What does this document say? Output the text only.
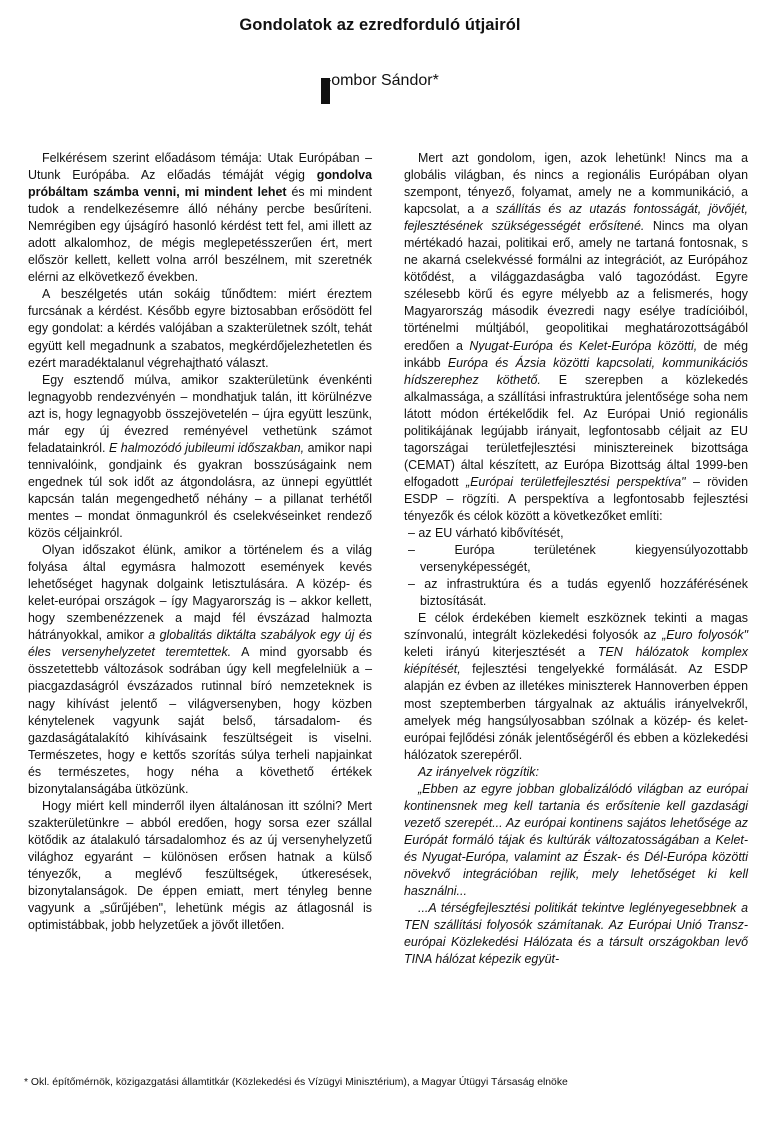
Gondolatok az ezredforduló útjairól
Tombor Sándor*

Felkérésem szerint előadásom témája: Utak Európában – Utunk Európába. Az előadás témáját végig gondolva próbáltam számba venni, mi mindent lehet és mi mindent tudok a rendelkezésemre álló néhány percbe besűríteni. Nemrégiben egy újságíró hasonló kérdést tett fel, ami illett az adott alkalomhoz, de mégis meglepetésszerűen ért, mert először kellett, kellett volna arról beszélnem, mit szeretnék elérni az elkövetkező években.

A beszélgetés után sokáig tűnődtem: miért éreztem furcsának a kérdést. Később egyre biztosabban erősödött fel egy gondolat: a kérdés valójában a szakterületnek szólt, tehát együtt kell megadnunk a szabatos, megkérdőjelezhetetlen és ezért maradéktalanul végrehajtható választ.

Egy esztendő múlva, amikor szakterületünk évenkénti legnagyobb rendezvényén – mondhatjuk talán, itt körülnézve azt is, hogy legnagyobb összejövetelén – újra együtt leszünk, már egy új évezred reményével vethetünk számot feladatainkról. E halmozódó jubileumi időszakban, amikor napi tennivalóink, gondjaink és gyakran bosszúságaink nem engednek túl sok időt az átgondolásra, az ünnepi együttlét kapcsán talán megengedhető néhány – a pillanat terhétől mentes – mondat önmagunkról és cselekvéseinket rendező közös céljainkról.

Olyan időszakot élünk, amikor a történelem és a világ folyása által egymásra halmozott események kevés lehetőséget hagynak dolgaink letisztulására. A közép- és kelet-európai országok – így Magyarország is – akkor kellett, hogy szembenézzenek a majd fél évszázad halmozta hátrányokkal, amikor a globalitás diktálta szabályok egy új és éles versenyhelyzetet teremtettek. A mind gyorsabb és összetettebb változások sodrában úgy kell megfelelniük a – piacgazdaságról évszázados rutinnal bíró nemzeteknek is nagy kihívást jelentő – világversenyben, hogy közben kénytelenek vagyunk saját belső, társadalom- és gazdaságátalakító kihívásaink feszültségeit is viselni. Természetes, hogy e kettős szorítás súlya terheli napjainkat és természetes, hogy néha a követhető értékek bizonytalanságába ütközünk.

Hogy miért kell minderről ilyen általánosan itt szólni? Mert szakterületünkre – abból eredően, hogy sorsa ezer szállal kötődik az átalakuló társadalomhoz és az új versenyhelyzetű világhoz egyaránt – különösen erősen hatnak a külső tényezők, a meglévő feszültségek, útkeresések, bizonytalanságok. De éppen emiatt, mert tényleg benne vagyunk a „sűrűjében", lehetünk mégis az átlagosnál is optimistábbak, jobb helyzetűek a jövőt illetően.

Mert azt gondolom, igen, azok lehetünk! Nincs ma a globális világban, és nincs a regionális Európában olyan szempont, tényező, folyamat, amely ne a kommunikáció, a kapcsolat, a a szállítás és az utazás fontosságát, jövőjét, fejlesztésének szükségességét erősítené. Nincs ma olyan mértékadó hazai, politikai erő, amely ne tartaná fontosnak, s ne akarná cselekvéssé formálni az integrációt, az Európához kötődést, a világgazdaságba való tagozódást. Egyre szélesebb körű és egyre mélyebb az a felismerés, hogy Magyarország második évezredi nagy esélye tradícióiból, történelmi múltjából, geopolitikai meghatározottságából eredően a Nyugat-Európa és Kelet-Európa közötti, de még inkább Európa és Ázsia közötti kapcsolati, kommunikációs hídszerephez köthető. E szerepben a közlekedés alkalmassága, a szállítási infrastruktúra jelentősége soha nem látott módon értékelődik fel. Az Európai Unió regionális politikájának legújabb irányait, legfontosabb céljait az EU tagországai területfejlesztési minisztereinek bizottsága (CEMAT) által készített, az Európa Bizottság által 1999-ben elfogadott „Európai területfejlesztési perspektíva" – röviden ESDP – rögzíti. A perspektíva a legfontosabb fejlesztési tényezők és célok között a következőket említi:

– az EU várható kibővítését,

– Európa területének kiegyensúlyozottabb versenyképességét,

– az infrastruktúra és a tudás egyenlő hozzáférésének biztosítását.

E célok érdekében kiemelt eszköznek tekinti a magas színvonalú, integrált közlekedési folyosók az „Euro folyosók" keleti irányú kiterjesztését a TEN hálózatok komplex kiépítését, fejlesztési tengelyekké formálását. Az ESDP alapján ez évben az illetékes miniszterek Hannoverben éppen most szeptemberben tárgyalnak az aktuális irányelvekről, amelyek még hangsúlyosabban szólnak a közép- és kelet-európai fejlődési zónák jelentőségéről és ebben a közlekedési hálózatok szerepéről.

Az irányelvek rögzítik:

„Ebben az egyre jobban globalizálódó világban az európai kontinensnek meg kell tartania és erősítenie kell gazdasági vezető szerepét... Az európai kontinens sajátos lehetősége az Európát formáló tájak és kultúrák változatosságában a Kelet- és Nyugat-Európa, valamint az Észak- és Dél-Európa közötti növekvő integrációban rejlik, mely lehetőséget ki kell használni...

...A térségfejlesztési politikát tekintve leglényegesebbnek a TEN szállítási folyosók számítanak. Az Európai Unió Transz-európai Közlekedési Hálózata és a társult országokban levő TINA hálózat képezik együt-

* Okl. építőmérnök, közigazgatási államtitkár (Közlekedési és Vízügyi Minisztérium), a Magyar Útügyi Társaság elnöke
